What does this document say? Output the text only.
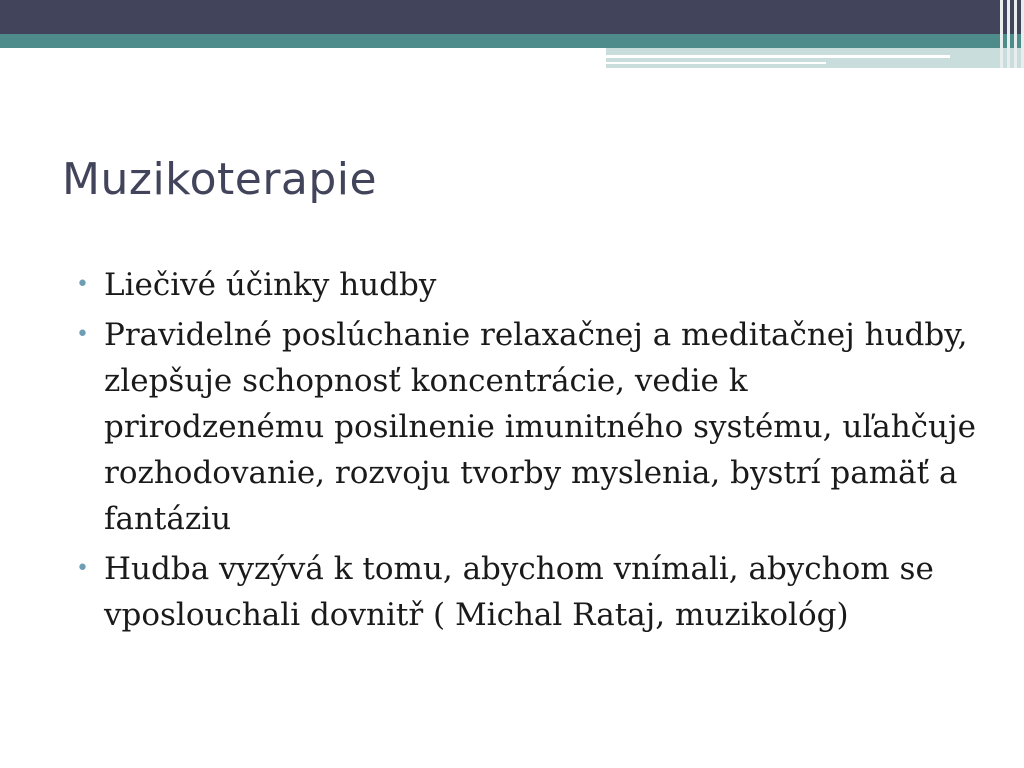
Muzikoterapie
• Liečivé účinky hudby
• Pravidelné poslúchanie relaxačnej a meditačnej hudby, zlepšuje schopnosť koncentrácie, vedie k prirodzenému posilnenie imunitného systému, uľahčuje rozhodovanie, rozvoju tvorby myslenia, bystrí pamäť a fantáziu
• Hudba vyzývá k tomu, abychom vnímali, abychom se vposlouchali dovnitř ( Michal Rataj, muzikológ)
